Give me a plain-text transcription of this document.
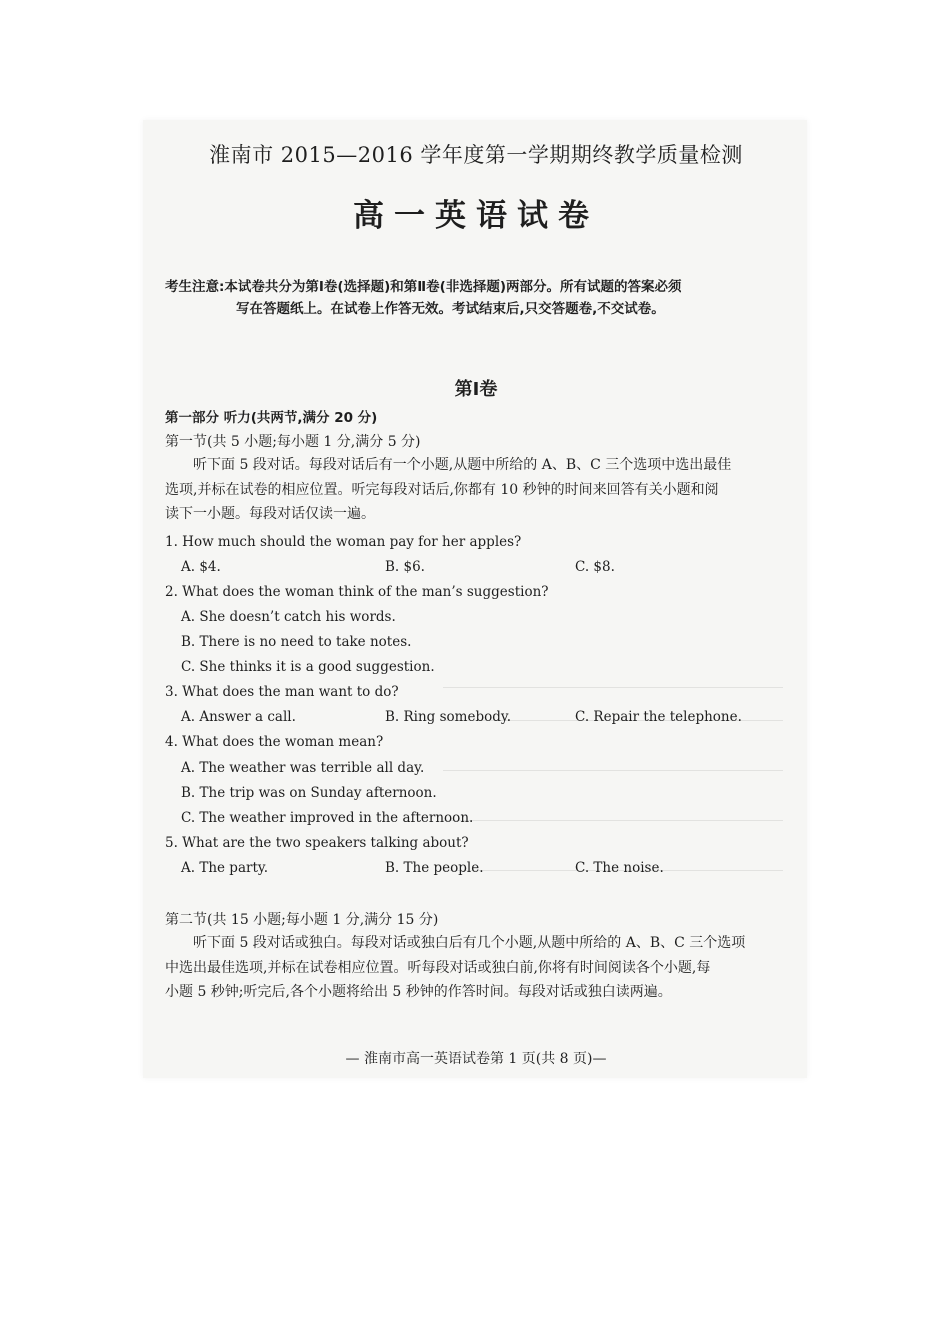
淮南市 2015—2016 学年度第一学期期终教学质量检测
高一英语试卷
考生注意:本试卷共分为第Ⅰ卷(选择题)和第Ⅱ卷(非选择题)两部分。所有试题的答案必须
写在答题纸上。在试卷上作答无效。考试结束后,只交答题卷,不交试卷。
第Ⅰ卷
第一部分 听力(共两节,满分 20 分)
第一节(共 5 小题;每小题 1 分,满分 5 分)
听下面 5 段对话。每段对话后有一个小题,从题中所给的 A、B、C 三个选项中选出最佳
选项,并标在试卷的相应位置。听完每段对话后,你都有 10 秒钟的时间来回答有关小题和阅
读下一小题。每段对话仅读一遍。
1. How much should the woman pay for her apples?
A. $4.	B. $6.	C. $8.
2. What does the woman think of the man’s suggestion?
A. She doesn’t catch his words.
B. There is no need to take notes.
C. She thinks it is a good suggestion.
3. What does the man want to do?
A. Answer a call.	B. Ring somebody.	C. Repair the telephone.
4. What does the woman mean?
A. The weather was terrible all day.
B. The trip was on Sunday afternoon.
C. The weather improved in the afternoon.
5. What are the two speakers talking about?
A. The party.	B. The people.	C. The noise.
第二节(共 15 小题;每小题 1 分,满分 15 分)
听下面 5 段对话或独白。每段对话或独白后有几个小题,从题中所给的 A、B、C 三个选项
中选出最佳选项,并标在试卷相应位置。听每段对话或独白前,你将有时间阅读各个小题,每
小题 5 秒钟;听完后,各个小题将给出 5 秒钟的作答时间。每段对话或独白读两遍。
— 淮南市高一英语试卷第 1 页(共 8 页)—
